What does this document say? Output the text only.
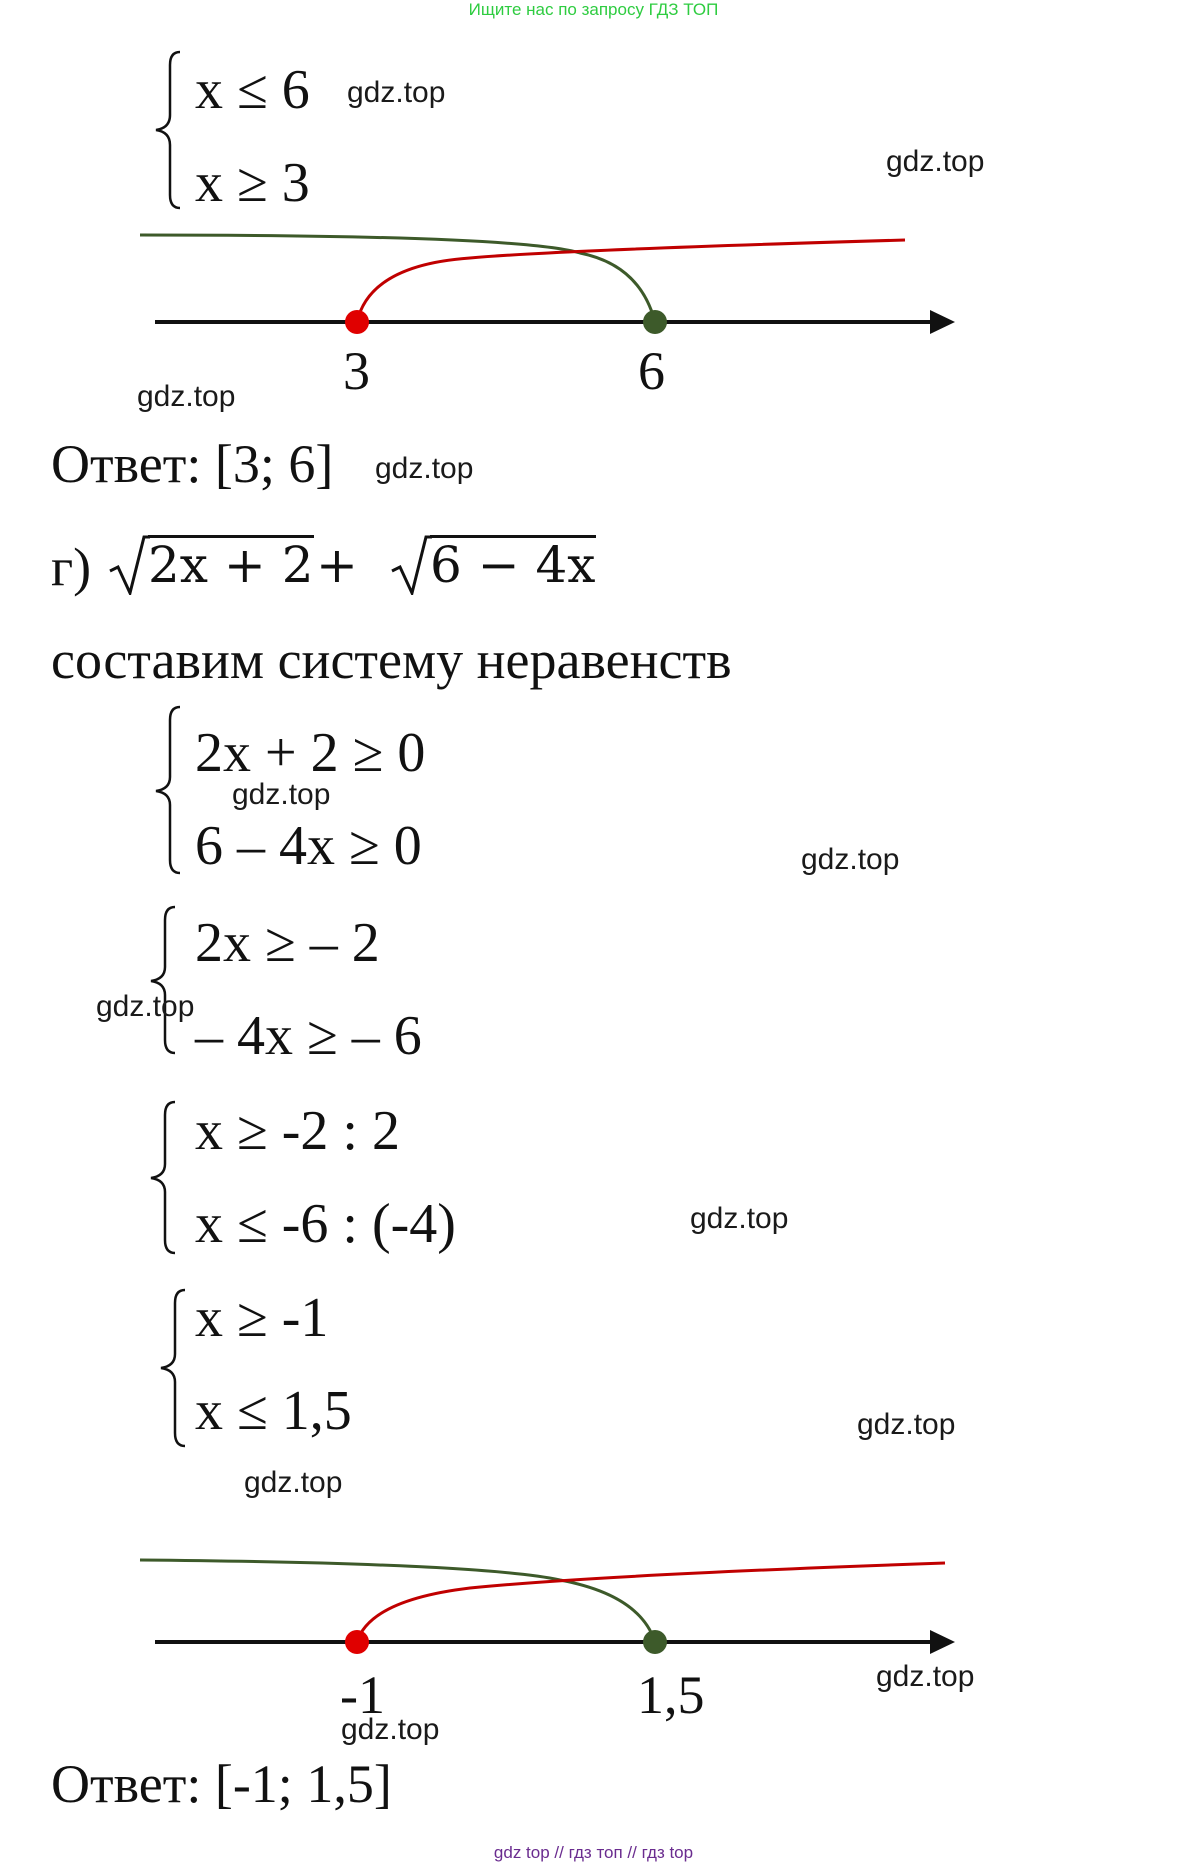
Ищите нас по запросу ГДЗ ТОП
x ≤ 6
x ≥ 3
gdz.top
gdz.top
3	6
gdz.top
Ответ: [3; 6] gdz.top
г) 2x + 2 + 6 − 4x
составим систему неравенств
2x + 2 ≥ 0
gdz.top
6 – 4x ≥ 0	gdz.top
2x ≥ – 2
gdz.top – 4x ≥ – 6
x ≥ -2 : 2
x ≤ -6 : (-4)	gdz.top
x ≥ -1
x ≤ 1,5	gdz.top
gdz.top
-1	1,5	gdz.top
gdz.top
Ответ: [-1; 1,5]
gdz top // гдз топ // гдз top
